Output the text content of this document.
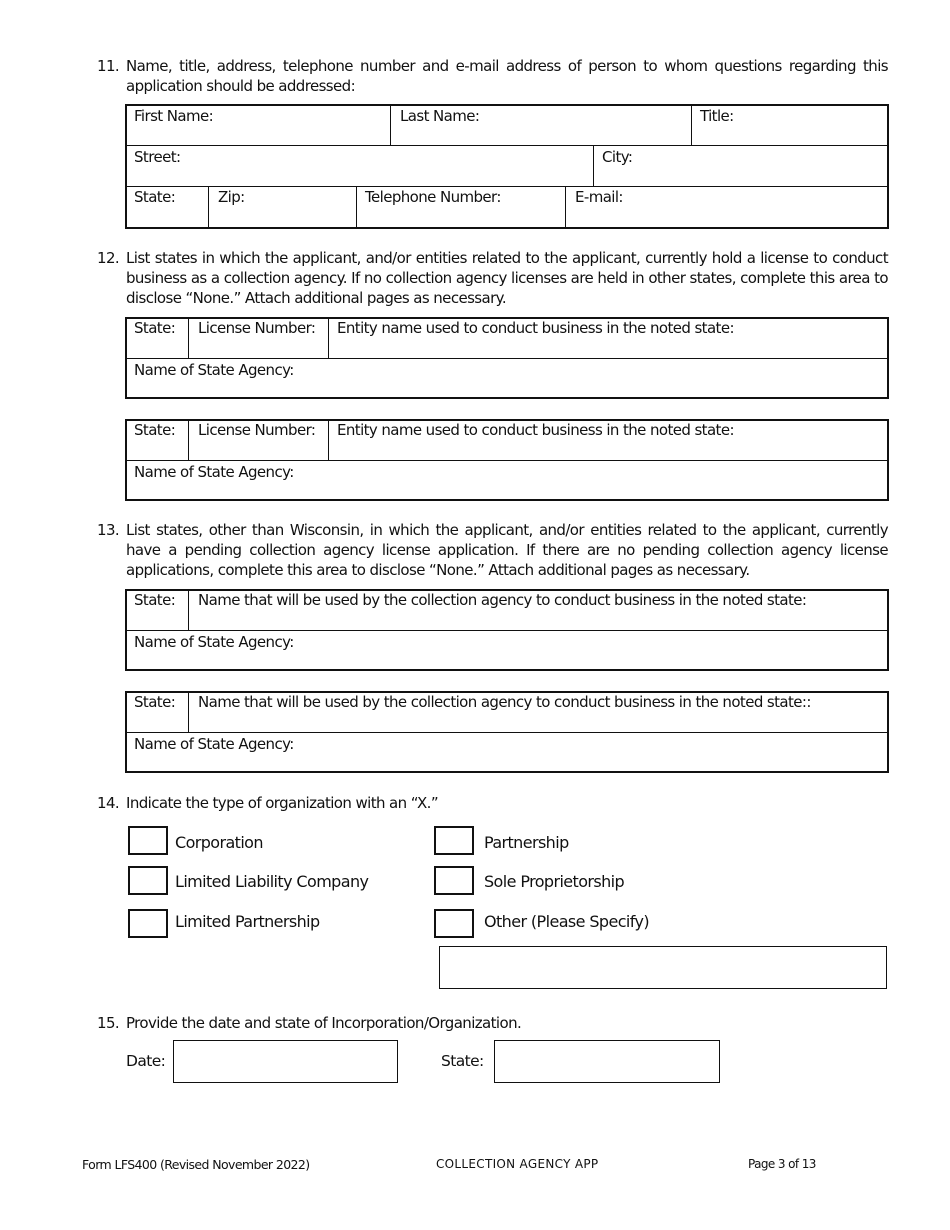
11. Name, title, address, telephone number and e-mail address of person to whom questions regarding this application should be addressed:
First Name:	Last Name:	Title:
Street:	City:
State:	Zip:	Telephone Number:	E-mail:
12. List states in which the applicant, and/or entities related to the applicant, currently hold a license to conduct business as a collection agency. If no collection agency licenses are held in other states, complete this area to disclose “None.” Attach additional pages as necessary.
State: License Number: Entity name used to conduct business in the noted state:
Name of State Agency:
State: License Number: Entity name used to conduct business in the noted state:
Name of State Agency:
13. List states, other than Wisconsin, in which the applicant, and/or entities related to the applicant, currently have a pending collection agency license application. If there are no pending collection agency license applications, complete this area to disclose “None.” Attach additional pages as necessary.
State: Name that will be used by the collection agency to conduct business in the noted state:
Name of State Agency:
State: Name that will be used by the collection agency to conduct business in the noted state::
Name of State Agency:
14. Indicate the type of organization with an “X.”
Corporation	Partnership
Limited Liability Company	Sole Proprietorship
Limited Partnership	Other (Please Specify)
15. Provide the date and state of Incorporation/Organization.
Date:	State:
Form LFS400 (Revised November 2022)	COLLECTION AGENCY APP	Page 3 of 13
